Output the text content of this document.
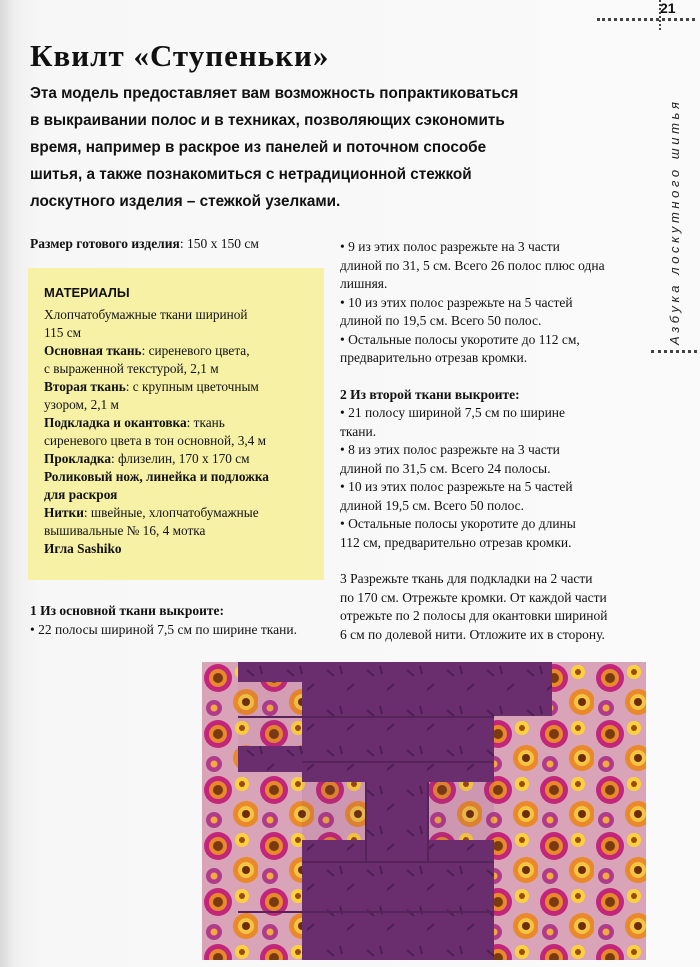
21
Азбука лоскутного шитья
Квилт «Ступеньки»
Эта модель предоставляет вам возможность попрактиковаться
в выкраивании полос и в техниках, позволяющих сэкономить
время, например в раскрое из панелей и поточном способе
шитья, а также познакомиться с нетрадиционной стежкой
лоскутного изделия – стежкой узелками.
Размер готового изделия: 150 х 150 см
МАТЕРИАЛЫ

Хлопчатобумажные ткани шириной

115 см

Основная ткань: сиреневого цвета,

с выраженной текстурой, 2,1 м

Вторая ткань: с крупным цветочным

узором, 2,1 м

Подкладка и окантовка: ткань

сиреневого цвета в тон основной, 3,4 м

Прокладка: флизелин, 170 х 170 см

Роликовый нож, линейка и подложка

для раскроя

Нитки: швейные, хлопчатобумажные

вышивальные № 16, 4 мотка

Игла Sashiko

1 Из основной ткани выкроите:

• 22 полосы шириной 7,5 см по ширине ткани.

• 9 из этих полос разрежьте на 3 части

длиной по 31, 5 см. Всего 26 полос плюс одна

лишняя.

• 10 из этих полос разрежьте на 5 частей

длиной по 19,5 см. Всего 50 полос.

• Остальные полосы укоротите до 112 см,

предварительно отрезав кромки.

2 Из второй ткани выкроите:

• 21 полосу шириной 7,5 см по ширине

ткани.

• 8 из этих полос разрежьте на 3 части

длиной по 31,5 см. Всего 24 полосы.

• 10 из этих полос разрежьте на 5 частей

длиной 19,5 см. Всего 50 полос.

• Остальные полосы укоротите до длины

112 см, предварительно отрезав кромки.

3 Разрежьте ткань для подкладки на 2 части

по 170 см. Отрежьте кромки. От каждой части

отрежьте по 2 полосы для окантовки шириной

6 см по долевой нити. Отложите их в сторону.
